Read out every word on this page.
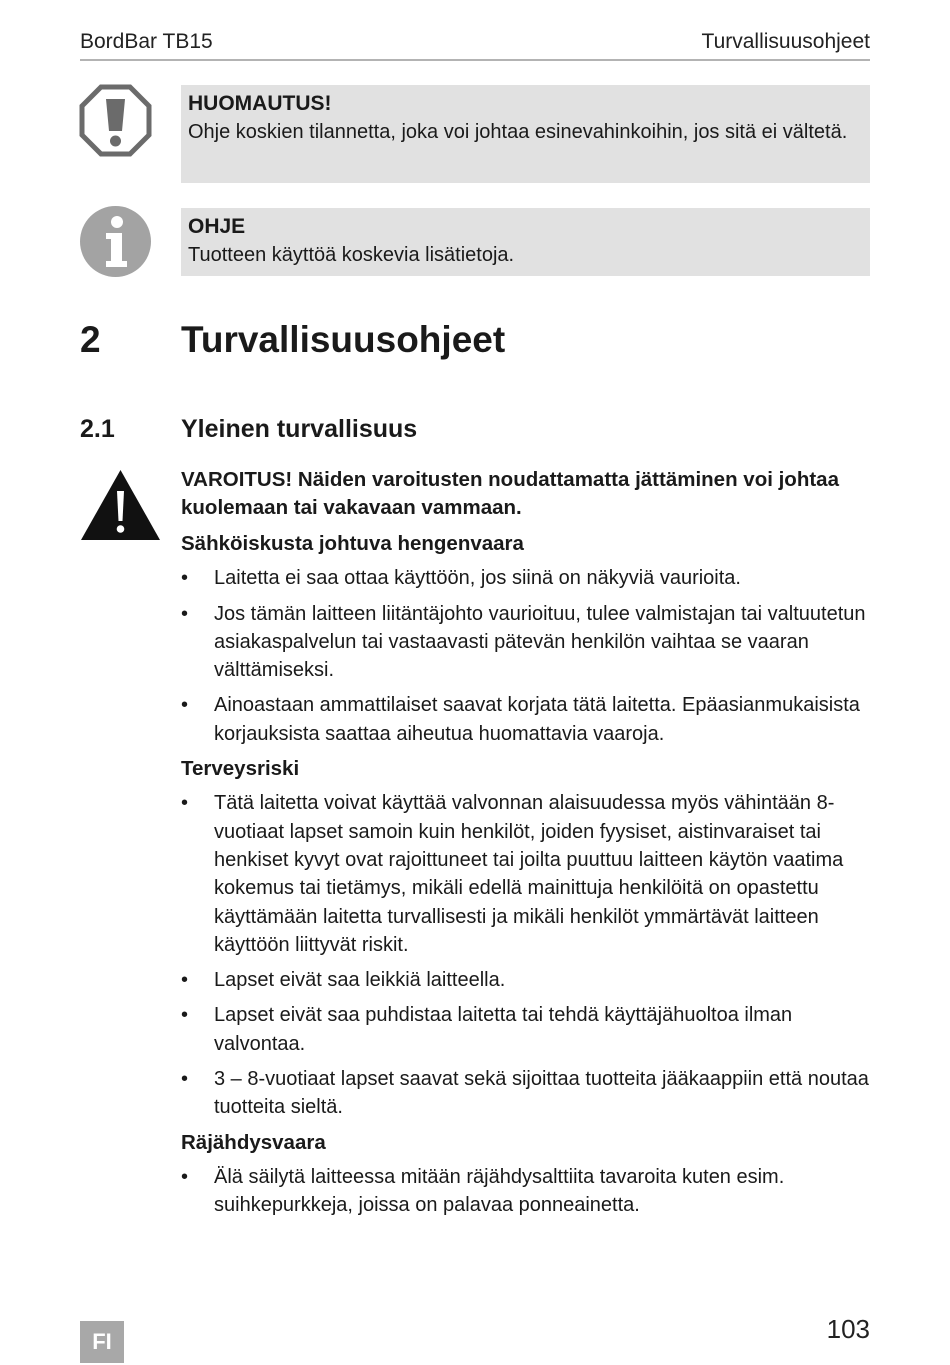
BordBar TB15	Turvallisuusohjeet
HUOMAUTUS!
Ohje koskien tilannetta, joka voi johtaa esinevahinkoihin, jos sitä ei vältetä.
OHJE
Tuotteen käyttöä koskevia lisätietoja.
2 Turvallisuusohjeet
2.1	Yleinen turvallisuus
VAROITUS! Näiden varoitusten noudattamatta jättäminen voi johtaa kuolemaan tai vakavaan vammaan.
Sähköiskusta johtuva hengenvaara
• Laitetta ei saa ottaa käyttöön, jos siinä on näkyviä vaurioita.
• Jos tämän laitteen liitäntäjohto vaurioituu, tulee valmistajan tai valtuutetun asiakaspalvelun tai vastaavasti pätevän henkilön vaihtaa se vaaran välttämiseksi.
• Ainoastaan ammattilaiset saavat korjata tätä laitetta. Epäasianmukaisista korjauksista saattaa aiheutua huomattavia vaaroja.
Terveysriski
• Tätä laitetta voivat käyttää valvonnan alaisuudessa myös vähintään 8-vuotiaat lapset samoin kuin henkilöt, joiden fyysiset, aistinvaraiset tai henkiset kyvyt ovat rajoittuneet tai joilta puuttuu laitteen käytön vaatima kokemus tai tietämys, mikäli edellä mainittuja henkilöitä on opastettu käyttämään laitetta turvallisesti ja mikäli henkilöt ymmärtävät laitteen käyttöön liittyvät riskit.
• Lapset eivät saa leikkiä laitteella.
• Lapset eivät saa puhdistaa laitetta tai tehdä käyttäjähuoltoa ilman valvontaa.
• 3 – 8-vuotiaat lapset saavat sekä sijoittaa tuotteita jääkaappiin että noutaa tuotteita sieltä.
Räjähdysvaara
• Älä säilytä laitteessa mitään räjähdysalttiita tavaroita kuten esim. suihkepurkkeja, joissa on palavaa ponneainetta.
FI	103
